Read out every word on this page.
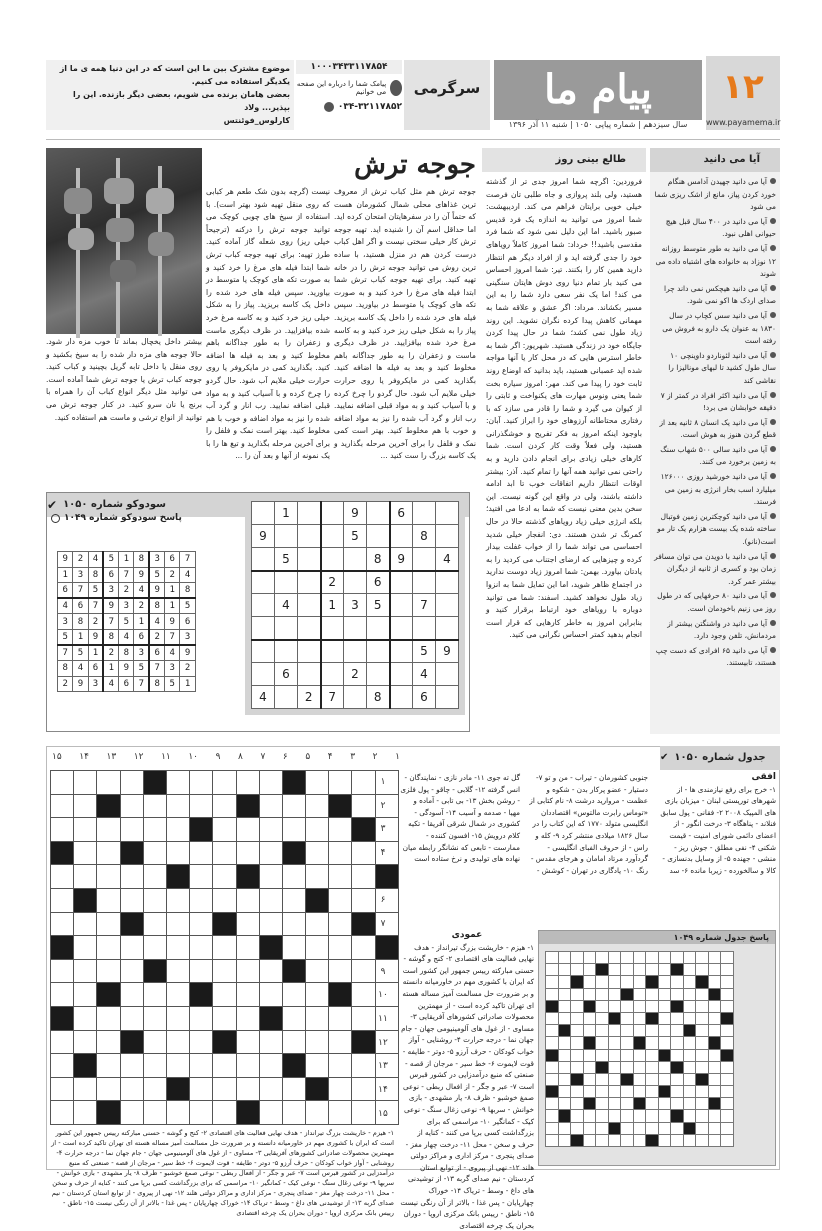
۱۲
www.payamema.ir
پیام ما
سال سیزدهم | شماره پیاپی ۱۰۵۰ | شنبه ۱۱ آذر ۱۳۹۶
سرگرمی
۱۰۰۰۳۴۳۳۱۱۷۸۵۴
پیامک شما را درباره این صفحه می خوانیم
۰۳۴-۳۲۱۱۷۸۵۲
موضوع مشترک بین ما این است که در این دنیا همه ی ما از یکدیگر استفاده می کنیم.
بعضی هامان برنده می شویم، بعضی دیگر بازنده. این را بپذیر... ولاد
کارلوس_فوئنتس
آیا می دانید
آیا می دانید جهیدن آدامس هنگام خورد کردن پیاز، مانع از اشک ریزی شما می شود
آیا می دانید در ۴۰۰ سال قبل هیچ حیوانی اهلی نبود.
آیا می دانید به طور متوسط روزانه ۱۲ نوزاد به خانواده های اشتباه داده می شوند
آیا می دانید هیچکس نمی داند چرا صدای اردک ها اکو نمی شود.
آیا می دانید سس کچاپ در سال ۱۸۳۰ به عنوان یک دارو به فروش می رفته است
آیا می دانید لئوناردو داوینچی ۱۰ سال طول کشید تا لبهای مونالیزا را نقاشی کند
آیا می دانید اکثر افراد در کمتر از ۷ دقیقه خوابشان می برد!
آیا می دانید یک انسان ۸ ثانیه بعد از قطع گردن هنوز به هوش است.
آیا می دانید سالی ۵۰۰ شهاب سنگ به زمین برخورد می کنند.
آیا می دانید خورشید روزی ۱۲۶۰۰۰ میلیارد اسب بخار انرژی به زمین می فرستد.
آیا می دانید کوچکترین زمین فوتبال ساخته شده یک بیست هزارم یک تار مو است(نانو).
آیا می دانید با دویدن می توان مسافر زمان بود و کسری از ثانیه از دیگران بیشتر عمر کرد.
آیا می دانید ۸۰ حرفهایی که در طول روز می زنیم باخودمان است.
آیا می دانید در واشنگتن بیشتر از مردمانش، تلفن وجود دارد.
آیا می دانید ۶۵ افرادی که دست چپ هستند، تابیستند.
طالع بینی روز
فروردین: اگرچه شما امروز جدی تر از گذشته هستید، ولی بلند پروازی و جاه طلبی تان فرصت خیلی خوبی برایتان فراهم می کند. اردیبهشت: شما امروز می توانید به اندازه یک فرد قدیس صبور باشید. اما این دلیل نمی شود که شما فرد مقدسی باشید!! خرداد: شما امروز کاملاً رویاهای خود را جدی گرفته اید و از افراد دیگر هم انتظار دارید همین کار را بکنند. تیر: شما امروز احساس می کنید بار تمام دنیا روی دوش هایتان سنگینی می کند! اما یک نفر سعی دارد شما را به این مسیر بکشاند. مرداد: اگر عشق و علاقه شما به مهمانی کاهش پیدا کرده نگران نشوید. این روند زیاد طول نمی کشد؛ شما در حال پیدا کردن جایگاه خود در زندگی هستید. شهریور: اگر شما به خاطر استرس هایی که در محل کار یا آنها مواجه شده اید عصبانی هستید، باید بدانید که اوضاع روند ثابت خود را پیدا می کند. مهر: امروز سیاره بخت شما یعنی ونوس مهارت های یکنواخت و ثابتی را از کیوان می گیرد و شما را قادر می سازد که با رفتاری محتاطانه آرزوهای خود را ابراز کنید. آبان: باوجود اینکه امروز به فکر تفریح و خوشگذرانی هستید، ولی فعلاً وقت کار کردن است. شما کارهای خیلی زیادی برای انجام دادن دارید و به راحتی نمی توانید همه آنها را تمام کنید. آذر: بیشتر اوقات انتظار داریم اتفاقات خوب تا ابد ادامه داشته باشند، ولی در واقع این گونه نیست. این سخن بدین معنی نیست که شما به ادعا می افتید؛ بلکه انرژی خیلی زیاد رویاهای گذشته حالا در حال کمرنگ تر شدن هستند. دی: انفجار خیلی شدید احساسی می تواند شما را از خواب غفلت بیدار کرده و چیزهایی که ارضای اجتناب می کردید را به یادتان بیاورد. بهمن: شما امروز زیاد دوست ندارید در اجتماع ظاهر شوید، اما این تمایل شما به انزوا زیاد طول نخواهد کشید. اسفند: شما می توانید دوباره با رویاهای خود ارتباط برقرار کنید و بنابراین امروز به خاطر کارهایی که قرار است انجام بدهید کمتر احساس نگرانی می کنید.
جوجه ترش
جوجه ترش هم مثل کباب ترش از معروف ترین غذاهای محلی شمال کشورمان هست که حتماً آن را در سفرهایتان امتحان کرده اید. اما حداقل اسم آن را شنیده اید. تهیه جوجه ترش کار خیلی سختی نیست و اگر اهل کباب درست کردن هم در منزل هستید، با ساده ترین روش می توانید جوجه ترش را در خانه تهیه کنید. برای تهیه جوجه کباب ترش شما ابتدا فیله های مرغ را خرد کنید و به صورت تکه های کوچک یا متوسط در بیاورید. سپس فیله های خرد شده را داخل یک کاسه بریزید. پیاز را به شکل خیلی ریز خرد کنید و به کاسه مرغ خرد شده بیافزایید. در ظرف دیگری ماست و زعفران را به طور جداگانه باهم مخلوط کنید و بعد به فیله ها اضافه کنید. بگذارید کمی در مایکروفر یا روی حرارت خیلی ملایم آب شود. حال گردو را چرخ کرده و با آسیاب کنید و به مواد قبلی اضافه نمایید. رب انار و گرد آب شده را نیز به مواد اضافه و خوب با هم مخلوط کنید. بهتر است کمی نمک و فلفل را برای آخرین مرحله بگذارید و یک کاسه بزرگ را ست کنید ...
نیست (گرچه بدون شک طعم هر کبابی که روی منقل تهیه شود بهتر است). با استفاده از سیخ های چوبی کوچک می توانید جوجه ترش را درکنه (ترجیحاً خیلی ریز) روی شعله گاز آماده کنید. طرز تهیه: برای تهیه جوجه کباب ترش شما ابتدا فیله های مرغ را خرد کنید و به صورت تکه های کوچک یا متوسط در بیاورید. سپس فیله های خرد شده را داخل یک کاسه بریزید. پیاز را به شکل خیلی ریز خرد کنید و به کاسه مرغ خرد شده بیافزایید. در ظرف دیگری ماست و زعفران را به طور جداگانه باهم مخلوط کنید و بعد به فیله ها اضافه کنید. بگذارید کمی در مایکروفر یا روی حرارت خیلی ملایم آب شود. حال گردو را چرخ کرده و با آسیاب کنید و به مواد قبلی اضافه نمایید. رب انار و گرد آب شده را نیز به مواد اضافه و خوب با هم مخلوط کنید. بهتر است نمک و فلفل را برای آخرین مرحله بگذارید و تیغ ها را با یک نمونه از آنها و بعد آن را ...
بیشتر داخل یخچال بماند تا خوب مزه دار شود. حالا جوجه های مزه دار شده را به سیخ بکشید و روی منقل یا داخل تابه گریل بچینید و کباب کنید. جوجه کباب ترش یا جوجه ترش شما آماده است. می توانید مثل دیگر انواع کباب آن را همراه با برنج یا نان سرو کنید. در کنار جوجه ترش می توانید از انواع ترشی و ماست هم استفاده کنید.
سودوکو شماره ۱۰۵۰
✔
	1			9		6		
9				5			8	
	5				8	9		4
			2		6			
	4		1	3	5		7	

							5	9
	6			2			4	
4		2	7		8		6	
پاسخ سودوکو شماره ۱۰۴۹
9	2	4	5	1	8	3	6	7
1	3	8	6	7	9	5	2	4
6	7	5	3	2	4	9	1	8
4	6	7	9	3	2	8	1	5
3	8	2	7	5	1	4	9	6
5	1	9	8	4	6	2	7	3
7	5	1	2	8	3	6	4	9
8	4	6	1	9	5	7	3	2
2	9	3	4	6	7	8	5	1
جدول شماره ۱۰۵۰
✔
۱۵ ۱۴ ۱۳ ۱۲ ۱۱ ۱۰ ۹ ۸ ۷ ۶ ۵ ۴ ۳ ۲ ۱
۱
۲
۳
۴
۶
۷
۹
۱۰
۱۱
۱۲
۱۳
۱۴
۱۵

افقی
۱- خرج برای رفع نیازمندی ها - از شهرهای توریستی لبنان - میزبان بازی های المپیک ۲۰۰۸ ۲- فقانی - پول سابق فنلاند - پناهگاه ۳- درخت انگور - از اعضای دائمی شورای امنیت - قیمت شکنی ۴- نفی مطلق - جوش ریز - منشی - جهنده ۵- از وسایل بدنسازی - کالا و سالخورده - زیربا مانده ۶- سد جنوبی کشورمان - تیراب - من و تو ۷- دستیار - عضو پرکار بدن - شکوه و عظمت - مروارید درشت ۸- نام کتابی از «توماس رابرت مالتوس» اقتصاددان انگلیسی متولد ۱۷۷۰ که این کتاب را در سال ۱۸۲۶ میلادی منتشر کرد ۹- کله و راس - از حروف الفبای انگلیسی - گردآورد مرتاد امامان و هرجای مقدس - رنگ ۱۰- یادگاری در تهران - کوشش - گل ته جوی ۱۱- مادر نازی - نمایندگان - انس گرفته ۱۲- گلابی - چاقو - پول فلزی - روشن بخش ۱۳- بی تابی - آماده و مهیا - صدمه و آسیب ۱۴- آسودگی - کشوری در شمال شرقی آفریقا - تکیه کلام درویش ۱۵- افسون کننده - ممارست - تابعی که نشانگر رابطه میان نهاده های تولیدی و نرخ ستاده است
عمودی
۱- هیزم - خاریشت بزرگ تیرانداز - هدف نهایی فعالیت های اقتصادی ۲- کنج و گوشه - حسنی مبارکته رییس جمهور این کشور است که ایران با کشوری مهم در خاورمیانه دانسته و بر ضرورت حل مسالمت آمیز مساله هسته ای تهران تاکید کرده است - از مهمترین محصولات صادراتی کشورهای آفریقایی ۳- مساوی - از غول های آلومینیومی جهان - جام جهان نما - درجه حرارت ۴- روشنایی - آواز خواب کودکان - حرف آرزو ۵- دوتر - طایفه - قوت لایموت ۶- خط سیر - مرجان از قصه - صنعتی که منبع درآمدزایی در کشور قبرس است ۷- عبر و جگر - از افعال ربطی - نوعی صمغ خوشبو - ظرف ۸- یار مشهدی - بازی خوانش - سربها ۹- نوعی زغال سنگ - نوعی کیک - کمانگیر ۱۰- مراسمی که برای بزرگداشت کسی برپا می کنند - کنایه از حرف و سخن - محل ۱۱- درخت چهار مغز - صدای پنجری - مرکز اداری و مراکز دولتی هلند ۱۲- نهی از پیروی - از توابع استان کردستان - نیم صدای گربه ۱۳- از توشیدنی های داغ - وسط - تریاک ۱۴- خوراک چهارپایان - پس غذا - بالاتر از آن رنگی نیست ۱۵- ناطق - رییس بانک مرکزی اروپا - دوران بحران یک چرخه اقتصادی
۱- هیزم - خاریشت بزرگ تیرانداز - هدف نهایی فعالیت های اقتصادی ۲- کنج و گوشه - حسنی مبارکته رییس جمهور این کشور است که ایران با کشوری مهم در خاورمیانه دانسته و بر ضرورت حل مسالمت آمیز مساله هسته ای تهران تاکید کرده است - از مهمترین محصولات صادراتی کشورهای آفریقایی ۳- مساوی - از غول های آلومینیومی جهان - جام جهان نما - درجه حرارت ۴- روشنایی - آواز خواب کودکان - حرف آرزو ۵- دوتر - طایفه - قوت لایموت ۶- خط سیر - مرجان از قصه - صنعتی که منبع درآمدزایی در کشور قبرس است ۷- عبر و جگر - از افعال ربطی - نوعی صمغ خوشبو - ظرف ۸- یار مشهدی - بازی خوانش - سربها ۹- نوعی زغال سنگ - نوعی کیک - کمانگیر ۱۰- مراسمی که برای بزرگداشت کسی برپا می کنند - کنایه از حرف و سخن - محل ۱۱- درخت چهار مغز - صدای پنجری - مرکز اداری و مراکز دولتی هلند ۱۲- نهی از پیروی - از توابع استان کردستان - نیم صدای گربه ۱۳- از توشیدنی های داغ - وسط - تریاک ۱۴- خوراک چهارپایان - پس غذا - بالاتر از آن رنگی نیست ۱۵- ناطق - رییس بانک مرکزی اروپا - دوران بحران یک چرخه اقتصادی
پاسخ جدول شماره ۱۰۴۹
